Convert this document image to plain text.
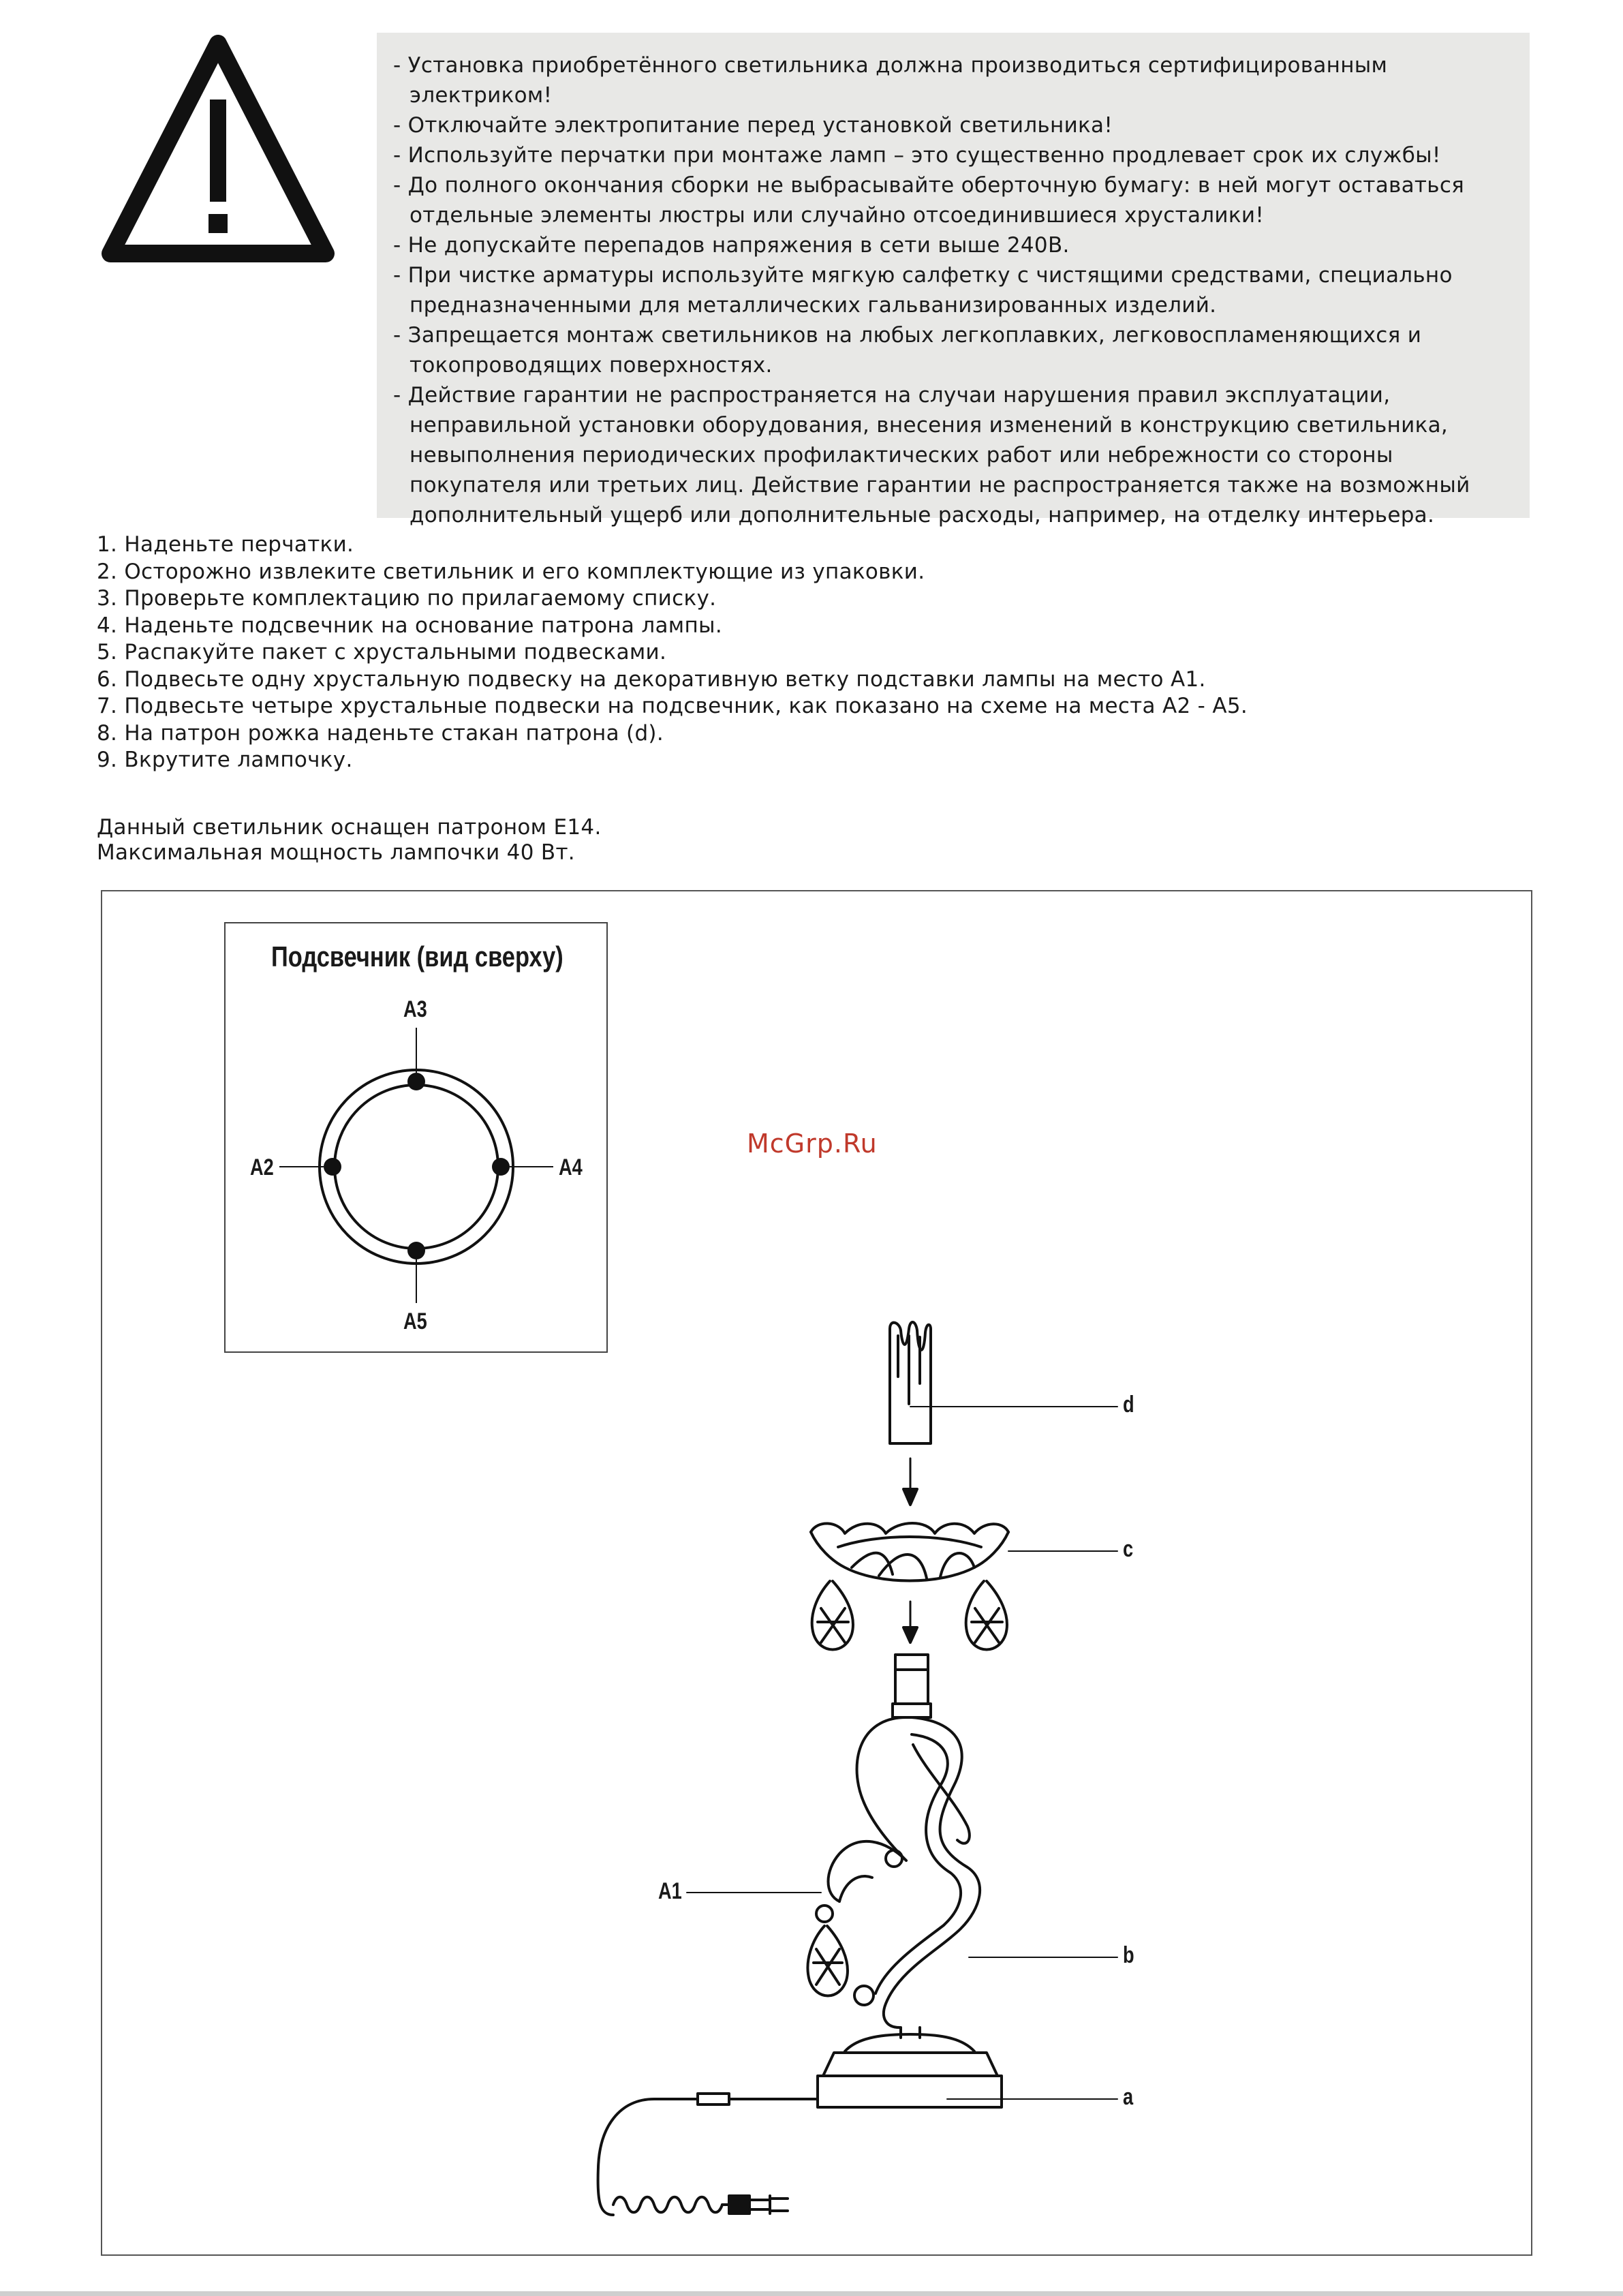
- Установка приобретённого светильника должна производиться сертифицированным электриком!
- Отключайте электропитание перед установкой светильника!
- Используйте перчатки при монтаже ламп – это существенно продлевает срок их службы!
- До полного окончания сборки не выбрасывайте оберточную бумагу: в ней могут оставаться отдельные элементы люстры или случайно отсоединившиеся хрусталики!
- Не допускайте перепадов напряжения в сети выше 240В.
- При чистке арматуры используйте мягкую салфетку с чистящими средствами, специально предназначенными для металлических гальванизированных изделий.
- Запрещается монтаж светильников на любых легкоплавких, легковоспламеняющихся и токопроводящих поверхностях.
- Действие гарантии не распространяется на случаи нарушения правил эксплуатации, неправильной установки оборудования, внесения изменений в конструкцию светильника, невыполнения периодических профилактических работ или небрежности со стороны покупателя или третьих лиц. Действие гарантии не распространяется также на возможный дополнительный ущерб или дополнительные расходы, например, на отделку интерьера.
1. Наденьте перчатки.
2. Осторожно извлеките светильник и его комплектующие из упаковки.
3. Проверьте комплектацию по прилагаемому списку.
4. Наденьте подсвечник на основание патрона лампы.
5. Распакуйте пакет с хрустальными подвесками.
6. Подвесьте одну хрустальную подвеску на декоративную ветку подставки лампы на место А1.
7. Подвесьте четыре хрустальные подвески на подсвечник, как показано на схеме на места А2 - А5.
8. На патрон рожка наденьте стакан патрона (d).
9. Вкрутите лампочку.
Данный светильник оснащен патроном Е14.
Максимальная мощность лампочки 40 Вт.
Подсвечник (вид сверху)
А3
А5
А2	А4
McGrp.Ru
d
c
A1
b
a
